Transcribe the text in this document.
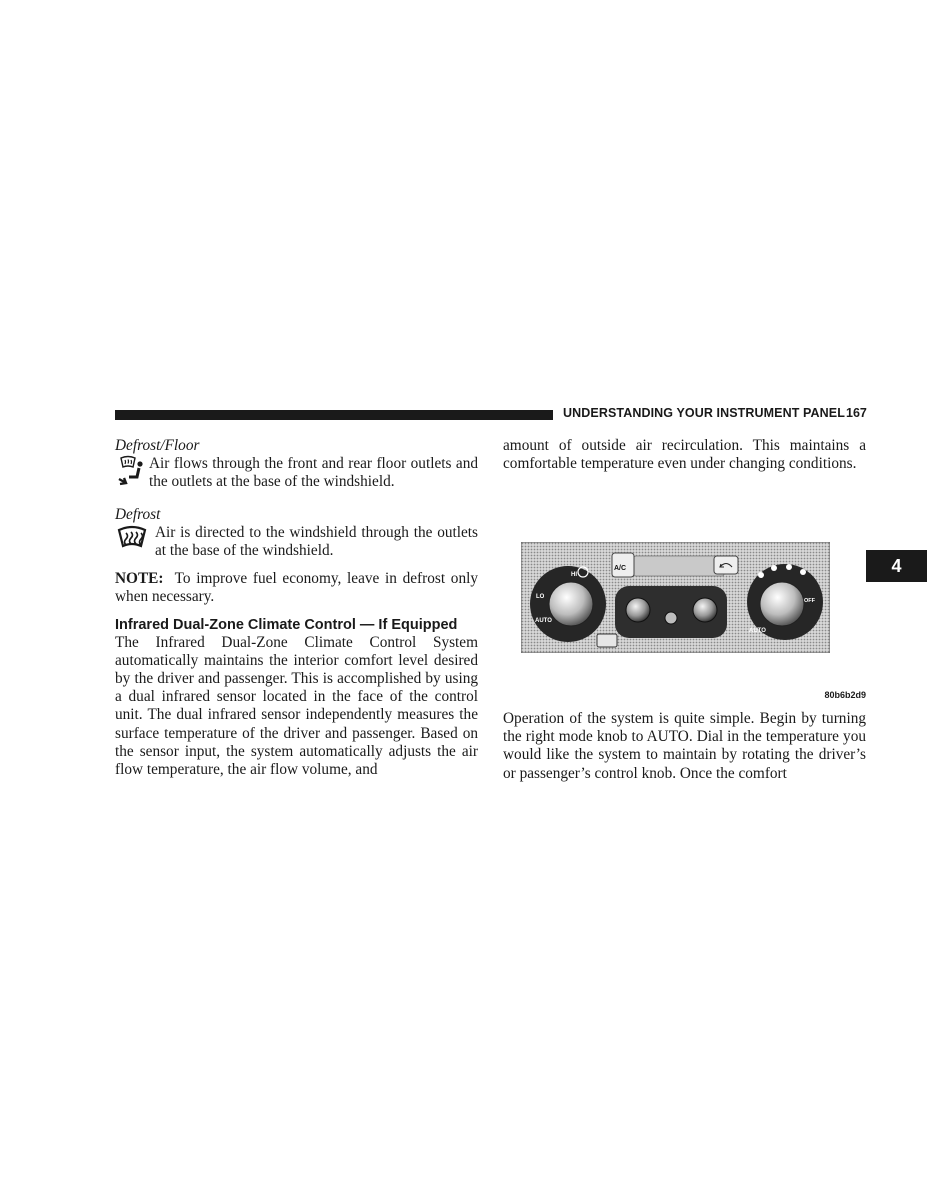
UNDERSTANDING YOUR INSTRUMENT PANEL 167
4
Defrost/Floor

Air flows through the front and rear floor outlets and the outlets at the base of the windshield.

Defrost

Air is directed to the windshield through the outlets at the base of the windshield.

NOTE: To improve fuel economy, leave in defrost only when necessary.

Infrared Dual-Zone Climate Control — If Equipped

The Infrared Dual-Zone Climate Control System automatically maintains the interior comfort level desired by the driver and passenger. This is accomplished by using a dual infrared sensor located in the face of the control unit. The dual infrared sensor independently measures the surface temperature of the driver and passenger. Based on the sensor input, the system automatically adjusts the air flow temperature, the air flow volume, and

amount of outside air recirculation. This maintains a comfortable temperature even under changing conditions.

A/C
HI
LO
AUTO
AUTO
OFF
80b6b2d9

Operation of the system is quite simple. Begin by turning the right mode knob to AUTO. Dial in the temperature you would like the system to maintain by rotating the driver’s or passenger’s control knob. Once the comfort
